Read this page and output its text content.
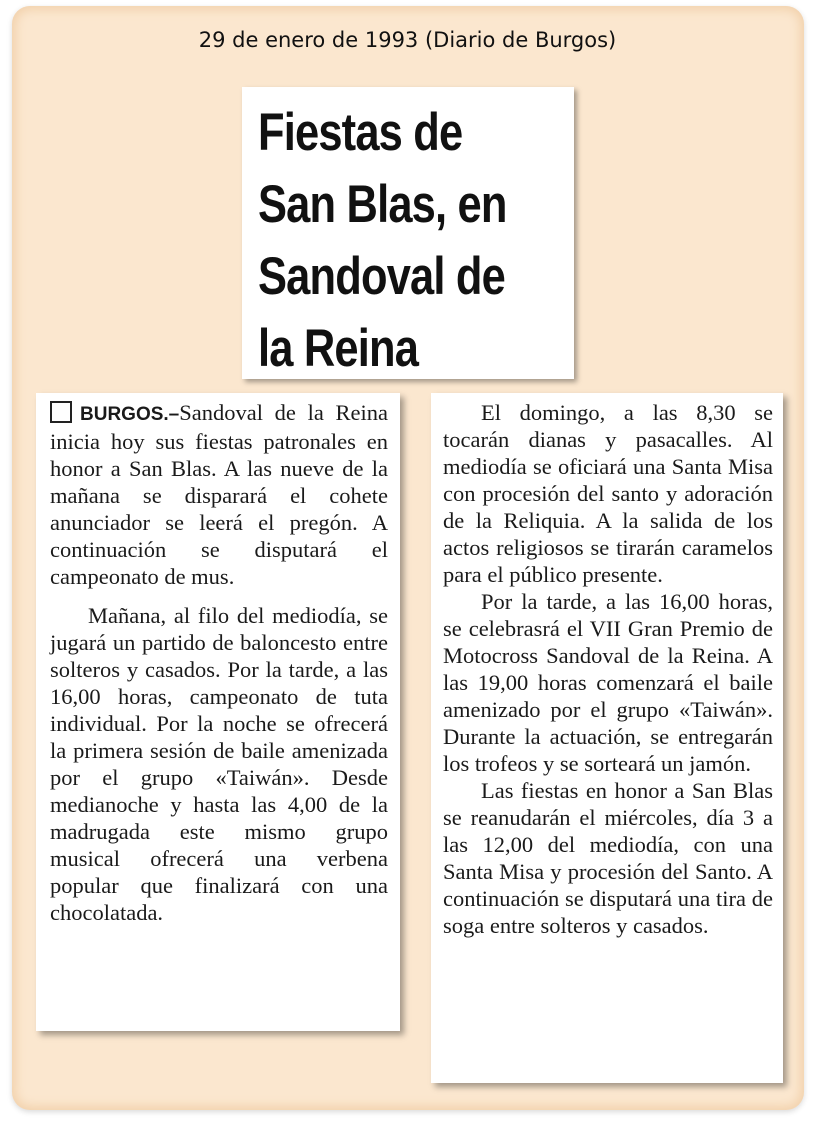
29 de enero de 1993 (Diario de Burgos)
Fiestas de San Blas, en Sandoval de la Reina

BURGOS.–Sandoval de la Reina inicia hoy sus fiestas patronales en honor a San Blas. A las nueve de la mañana se disparará el cohete anunciador se leerá el pregón. A continuación se disputará el campeonato de mus.

Mañana, al filo del mediodía, se jugará un partido de baloncesto entre solteros y casados. Por la tarde, a las 16,00 horas, campeonato de tuta individual. Por la noche se ofrecerá la primera sesión de baile amenizada por el grupo «Taiwán». Desde medianoche y hasta las 4,00 de la madrugada este mismo grupo musical ofrecerá una verbena popular que finalizará con una chocolatada.

El domingo, a las 8,30 se tocarán dianas y pasacalles. Al mediodía se oficiará una Santa Misa con procesión del santo y adoración de la Reliquia. A la salida de los actos religiosos se tirarán caramelos para el público presente.

Por la tarde, a las 16,00 horas, se celebrasrá el VII Gran Premio de Motocross Sandoval de la Reina. A las 19,00 horas comenzará el baile amenizado por el grupo «Taiwán». Durante la actuación, se entregarán los trofeos y se sorteará un jamón.

Las fiestas en honor a San Blas se reanudarán el miércoles, día 3 a las 12,00 del mediodía, con una Santa Misa y procesión del Santo. A continuación se disputará una tira de soga entre solteros y casados.
